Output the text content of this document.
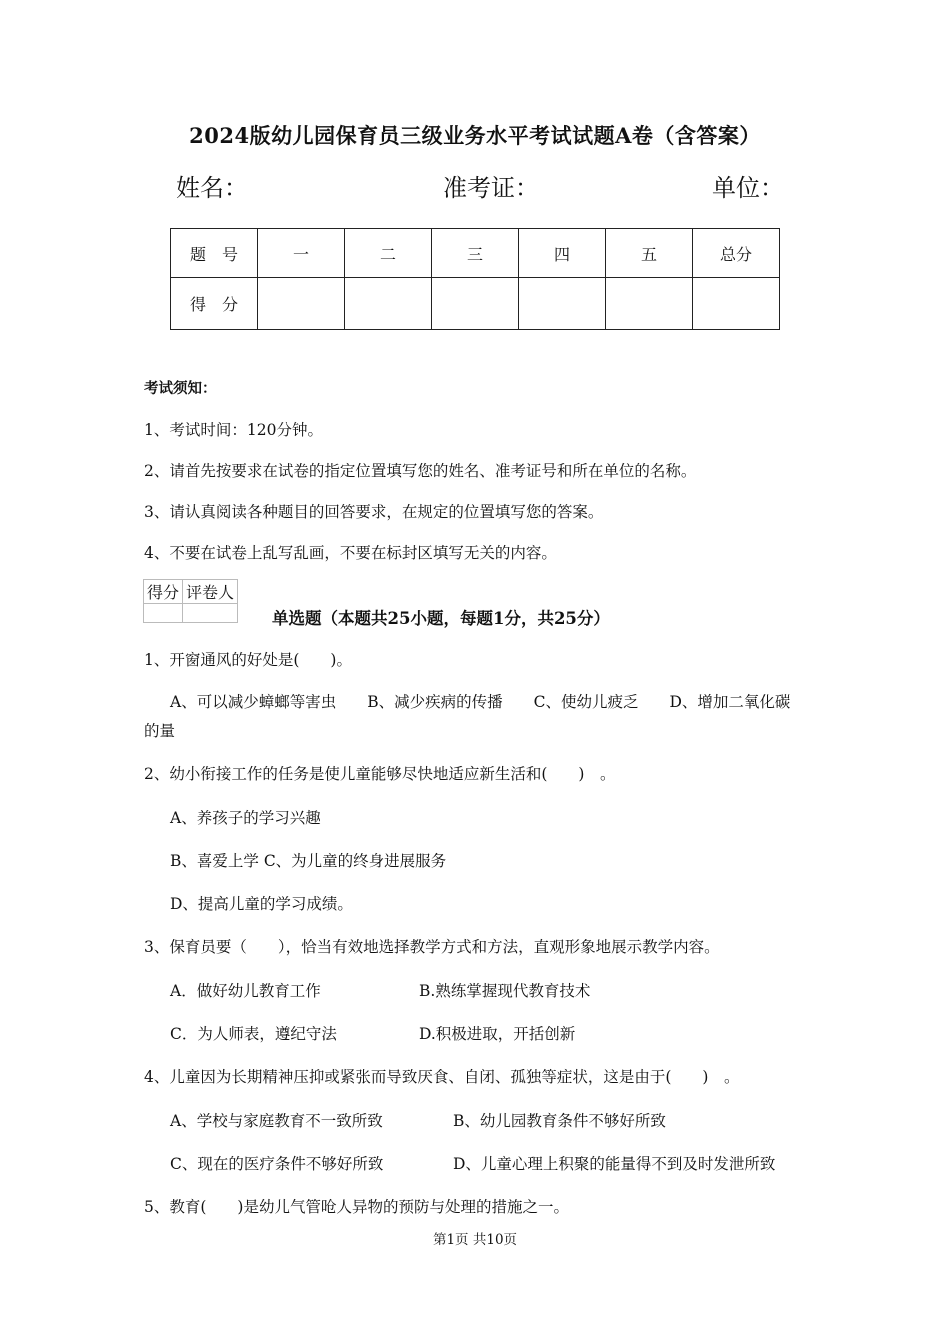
2024版幼儿园保育员三级业务水平考试试题A卷（含答案）
姓名：	准考证：	单位：
题　号	一	二	三	四	五	总分
得　分						
考试须知：
1、考试时间：120分钟。
2、请首先按要求在试卷的指定位置填写您的姓名、准考证号和所在单位的名称。
3、请认真阅读各种题目的回答要求，在规定的位置填写您的答案。
4、不要在试卷上乱写乱画，不要在标封区填写无关的内容。
得分	评卷人

单选题（本题共25小题，每题1分，共25分）
1、开窗通风的好处是(　　)。
A、可以减少蟑螂等害虫　　B、减少疾病的传播　　C、使幼儿疲乏　　D、增加二氧化碳
的量
2、幼小衔接工作的任务是使儿童能够尽快地适应新生活和(　　)　。
A、养孩子的学习兴趣
B、喜爱上学 C、为儿童的终身进展服务
D、提高儿童的学习成绩。
3、保育员要（　　），恰当有效地选择教学方式和方法，直观形象地展示教学内容。
A．做好幼儿教育工作	B.熟练掌握现代教育技术
C．为人师表，遵纪守法	D.积极进取，开括创新
4、儿童因为长期精神压抑或紧张而导致厌食、自闭、孤独等症状，这是由于(　　)　。
A、学校与家庭教育不一致所致	B、幼儿园教育条件不够好所致
C、现在的医疗条件不够好所致	D、儿童心理上积聚的能量得不到及时发泄所致
5、教育(　　)是幼儿气管呛人异物的预防与处理的措施之一。
第1页 共10页
